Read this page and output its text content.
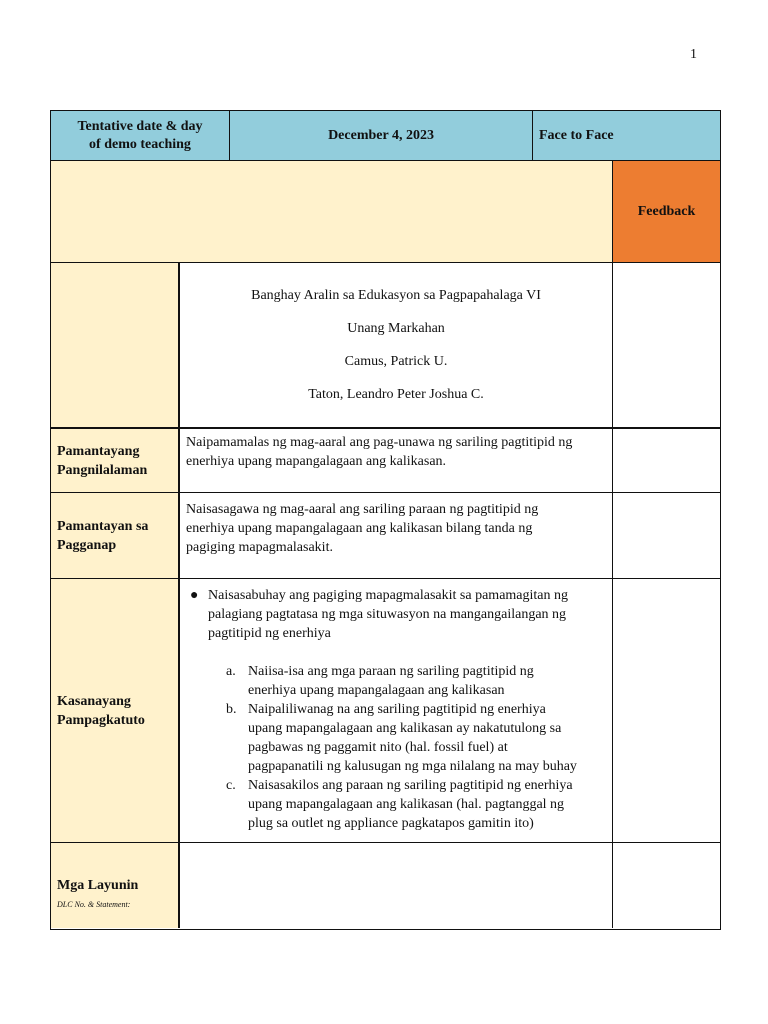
1
Tentative date & day
of demo teaching
December 4, 2023	Face to Face
Feedback

Banghay Aralin sa Edukasyon sa Pagpapahalaga VI

Unang Markahan

Camus, Patrick U.

Taton, Leandro Peter Joshua C.

Pamantayang
Pangnilalaman
Naipamamalas ng mag-aaral ang pag-unawa ng sariling pagtitipid ng
enerhiya upang mapangalagaan ang kalikasan.
Pamantayan sa
Pagganap
Naisasagawa ng mag-aaral ang sariling paraan ng pagtitipid ng
enerhiya upang mapangalagaan ang kalikasan bilang tanda ng
pagiging mapagmalasakit.
Kasanayang
Pampagkatuto
● Naisasabuhay ang pagiging mapagmalasakit sa pamamagitan ng
palagiang pagtatasa ng mga situwasyon na mangangailangan ng
pagtitipid ng enerhiya
a. Naiisa-isa ang mga paraan ng sariling pagtitipid ng
enerhiya upang mapangalagaan ang kalikasan
b. Naipaliliwanag na ang sariling pagtitipid ng enerhiya
upang mapangalagaan ang kalikasan ay nakatutulong sa
pagbawas ng paggamit nito (hal. fossil fuel) at
pagpapanatili ng kalusugan ng mga nilalang na may buhay
c. Naisasakilos ang paraan ng sariling pagtitipid ng enerhiya
upang mapangalagaan ang kalikasan (hal. pagtanggal ng
plug sa outlet ng appliance pagkatapos gamitin ito)
Mga Layunin
DLC No. & Statement:
